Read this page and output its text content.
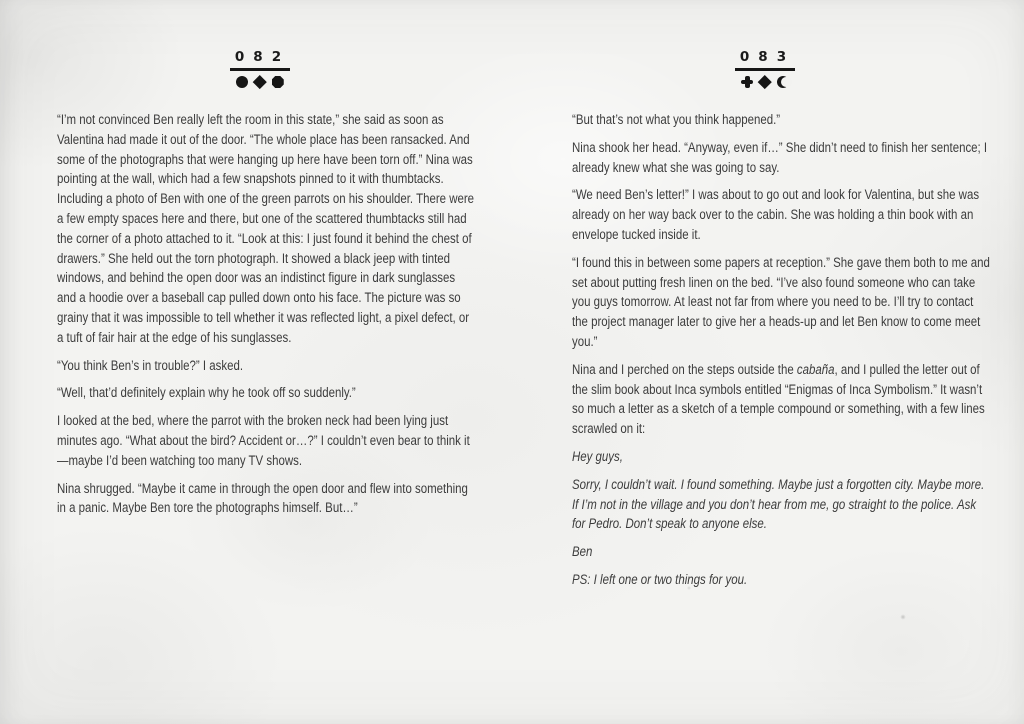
082

“I’m not convinced Ben really left the room in this state,” she said as soon as Valentina had made it out of the door. “The whole place has been ransacked. And some of the photographs that were hanging up here have been torn off.” Nina was pointing at the wall, which had a few snapshots pinned to it with thumbtacks. Including a photo of Ben with one of the green parrots on his shoulder. There were a few empty spaces here and there, but one of the scattered thumbtacks still had the corner of a photo attached to it. “Look at this: I just found it behind the chest of drawers.” She held out the torn photograph. It showed a black jeep with tinted windows, and behind the open door was an indistinct figure in dark sunglasses and a hoodie over a baseball cap pulled down onto his face. The picture was so grainy that it was impossible to tell whether it was reflected light, a pixel defect, or a tuft of fair hair at the edge of his sunglasses.

“You think Ben’s in trouble?” I asked.

“Well, that’d definitely explain why he took off so suddenly.”

I looked at the bed, where the parrot with the broken neck had been lying just minutes ago. “What about the bird? Accident or…?” I couldn’t even bear to think it—maybe I’d been watching too many TV shows.

Nina shrugged. “Maybe it came in through the open door and flew into something in a panic. Maybe Ben tore the photographs himself. But…”

083

“But that’s not what you think happened.”

Nina shook her head. “Anyway, even if…” She didn’t need to finish her sentence; I already knew what she was going to say.

“We need Ben’s letter!” I was about to go out and look for Valentina, but she was already on her way back over to the cabin. She was holding a thin book with an envelope tucked inside it.

“I found this in between some papers at reception.” She gave them both to me and set about putting fresh linen on the bed. “I’ve also found someone who can take you guys tomorrow. At least not far from where you need to be. I’ll try to contact the project manager later to give her a heads-up and let Ben know to come meet you.”

Nina and I perched on the steps outside the cabaña, and I pulled the letter out of the slim book about Inca symbols entitled “Enigmas of Inca Symbolism.” It wasn’t so much a letter as a sketch of a temple compound or something, with a few lines scrawled on it:

Hey guys,

Sorry, I couldn’t wait. I found something. Maybe just a forgotten city. Maybe more. If I’m not in the village and you don’t hear from me, go straight to the police. Ask for Pedro. Don’t speak to anyone else.

Ben

PS: I left one or two things for you.
